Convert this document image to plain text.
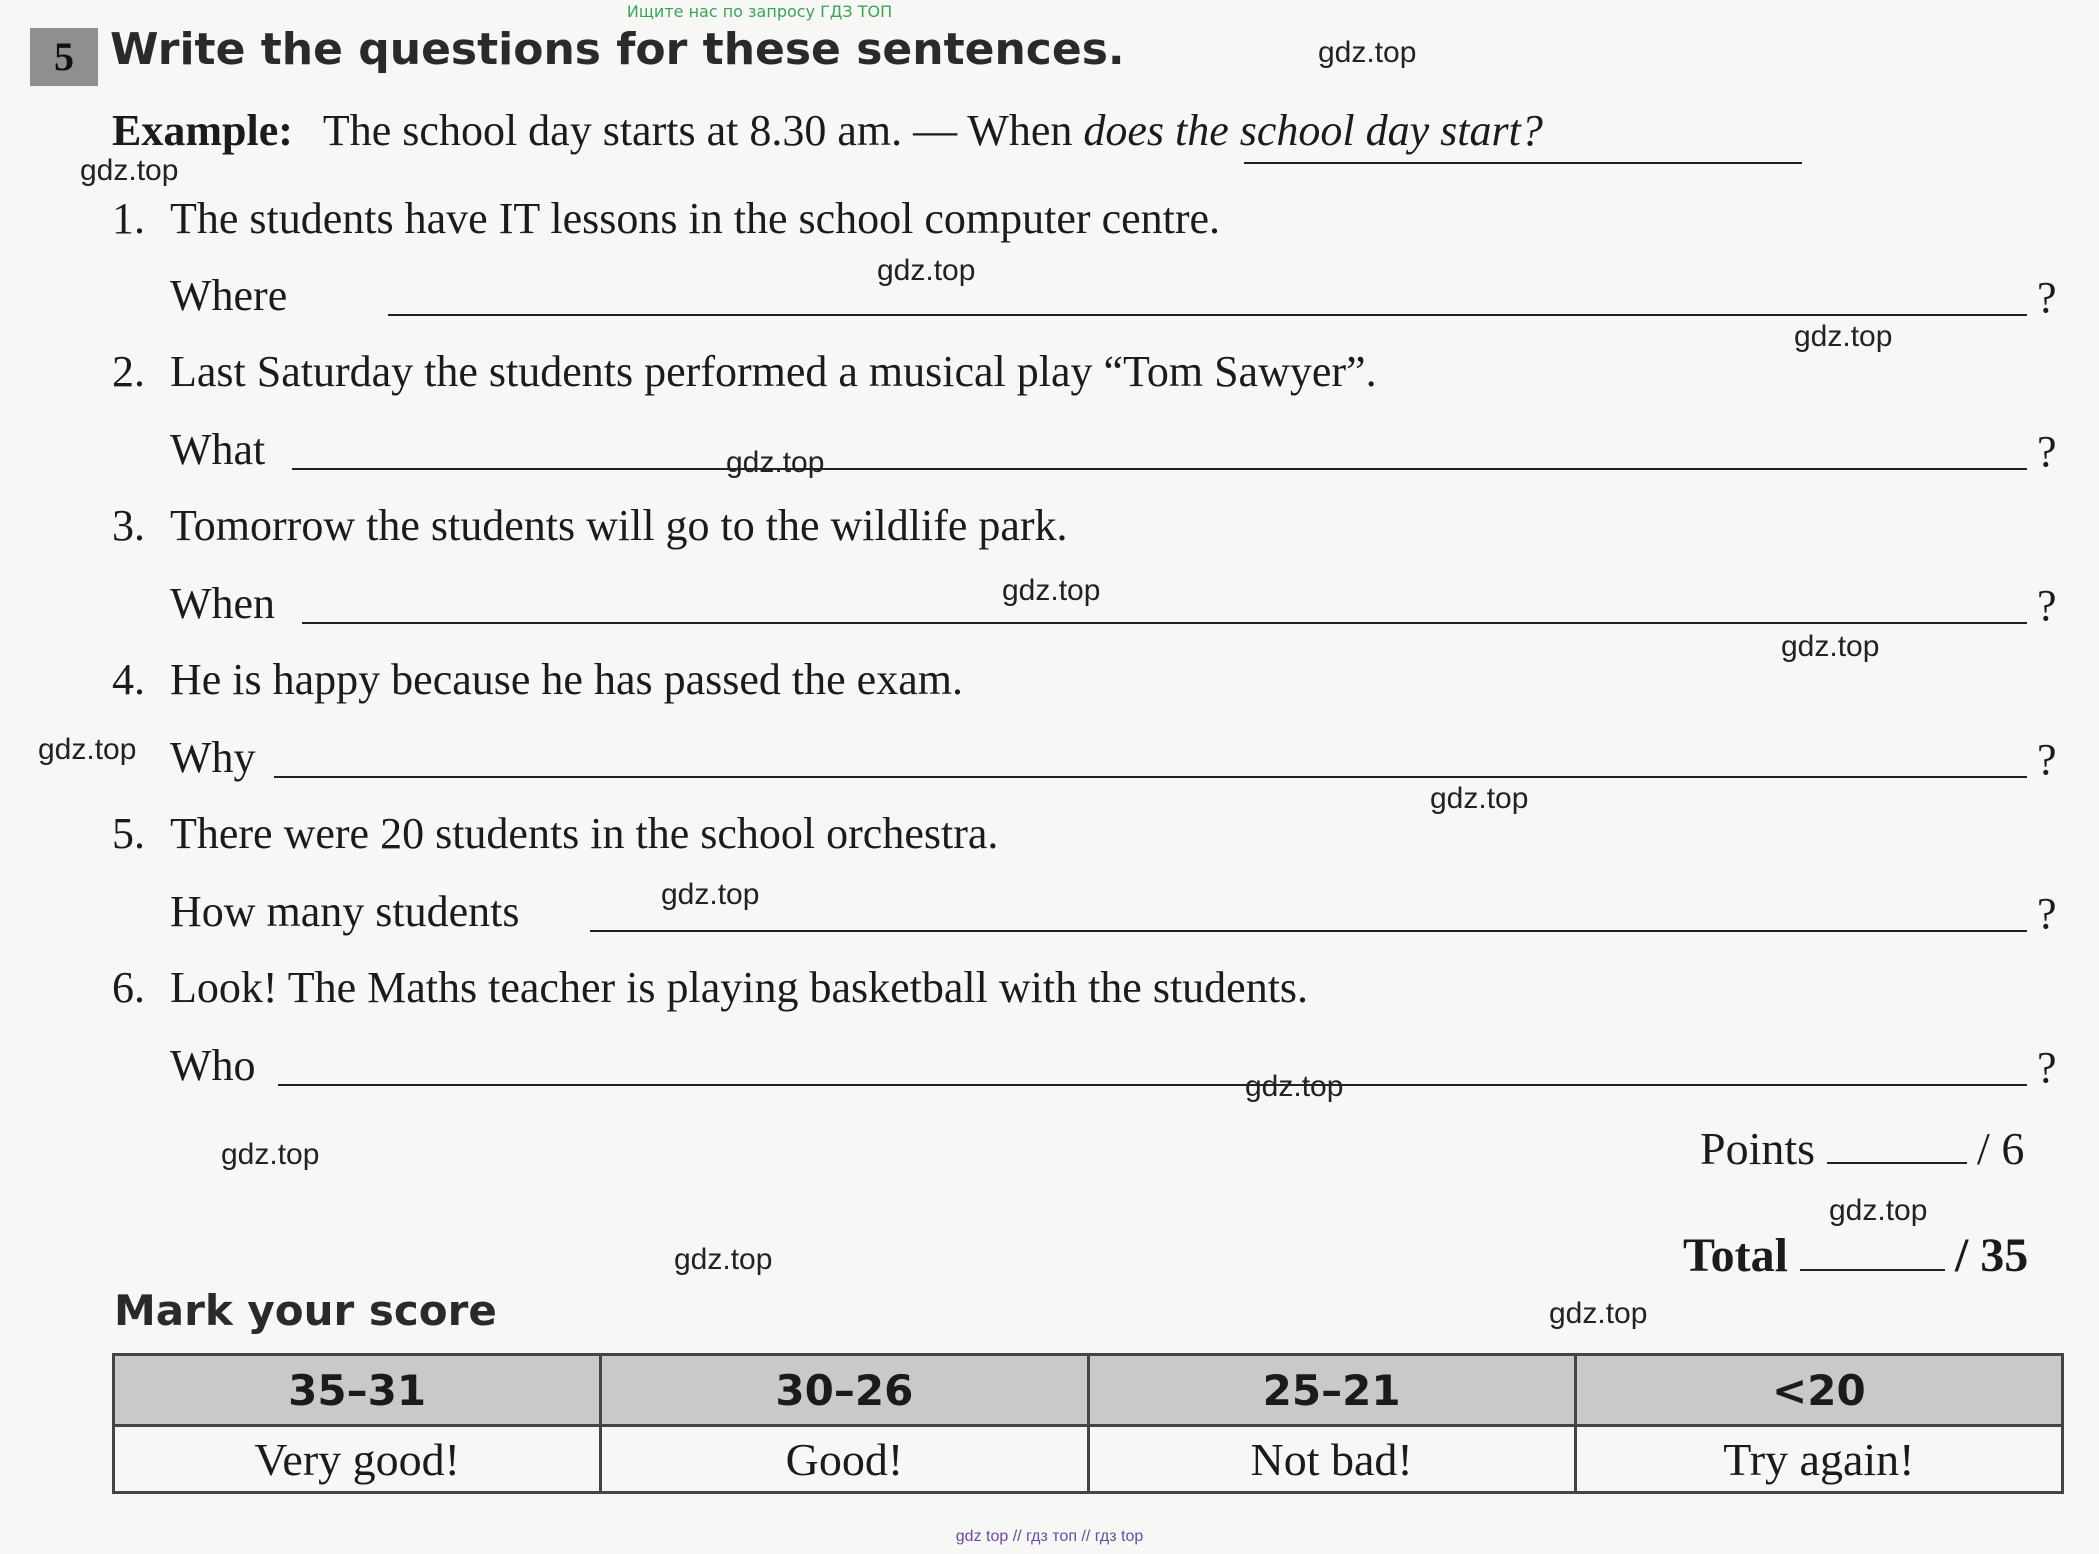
Ищите нас по запросу ГДЗ ТОП
5 Write the questions for these sentences.
Example: The school day starts at 8.30 am. — When does the school day start?
1. The students have IT lessons in the school computer centre.
Where	?
2. Last Saturday the students performed a musical play “Tom Sawyer”.
What	?
3. Tomorrow the students will go to the wildlife park.
When	?
4. He is happy because he has passed the exam.
Why	?
5. There were 20 students in the school orchestra.
How many students	?
6. Look! The Maths teacher is playing basketball with the students.
Who	?
Points	/ 6
Total	/ 35
Mark your score
35–31	30–26	25–21	<20
Very good!	Good!	Not bad!	Try again!
gdz.top
gdz.top
gdz.top
gdz.top
gdz.top
gdz.top
gdz.top
gdz.top
gdz.top
gdz.top
gdz.top
gdz.top
gdz.top
gdz.top
gdz.top
gdz top // гдз топ // гдз top
